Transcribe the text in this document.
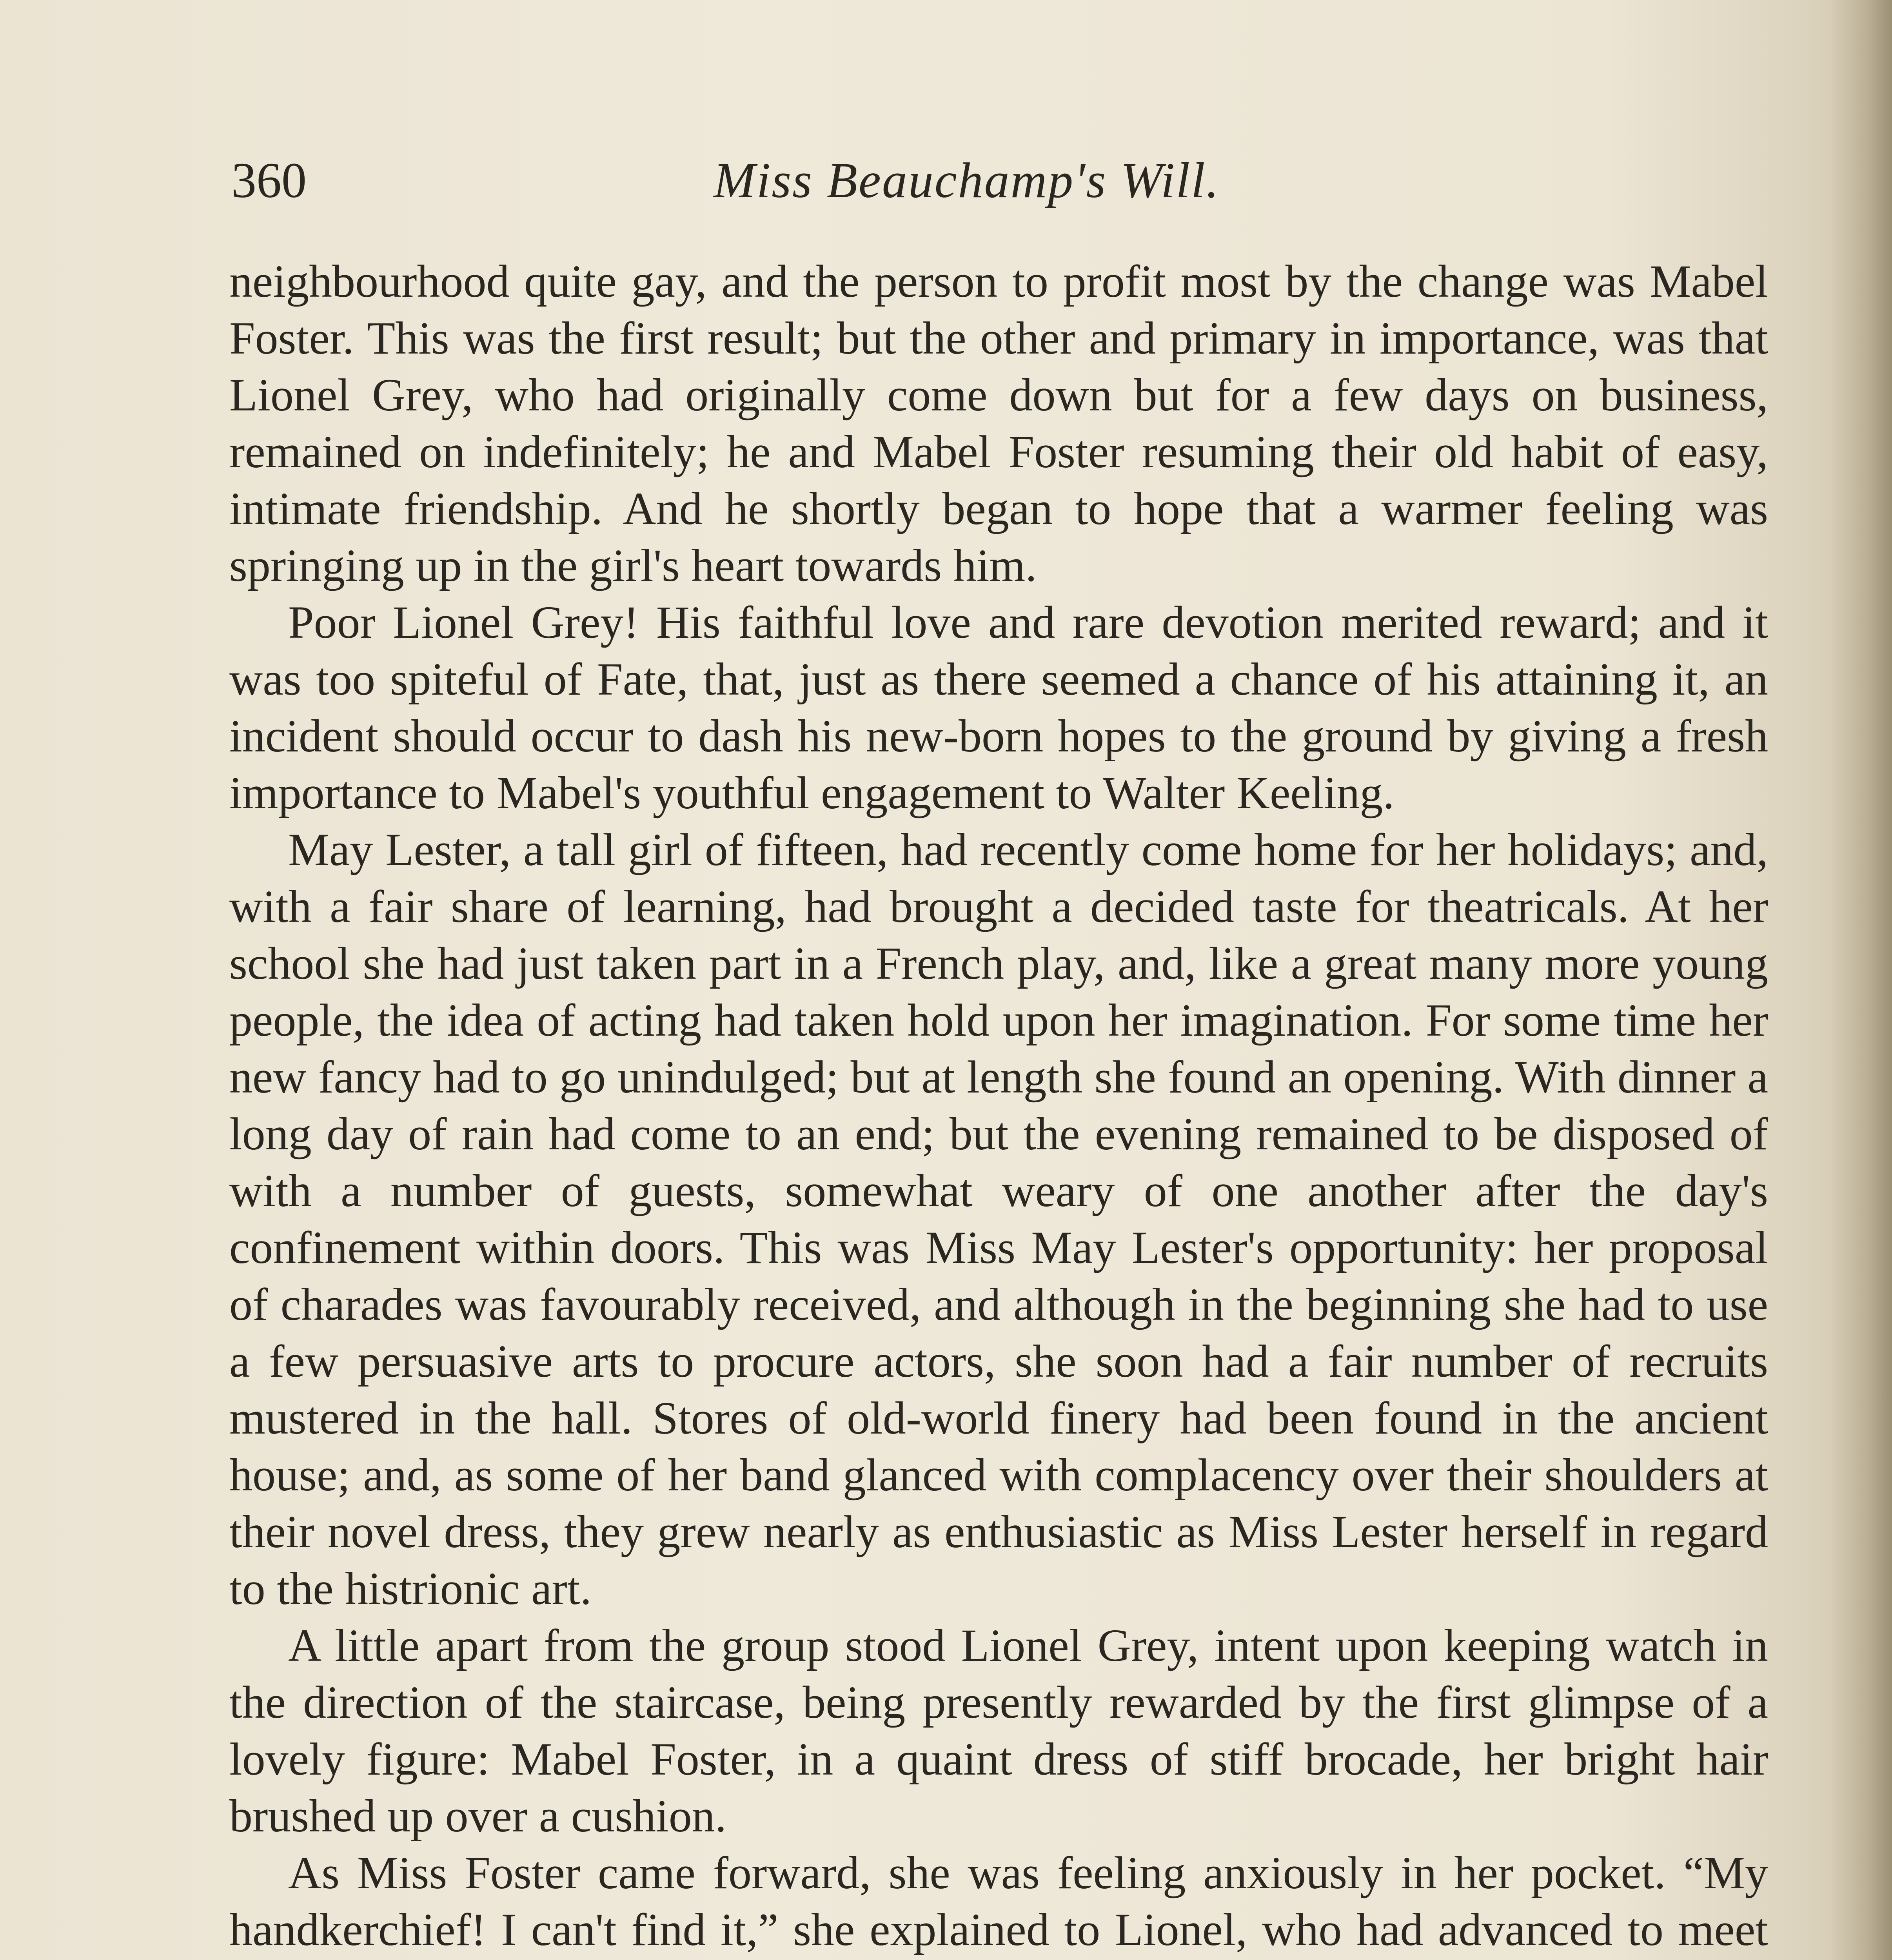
360	Miss Beauchamp's Will.

neighbourhood quite gay, and the person to profit most by the change was Mabel Foster. This was the first result; but the other and primary in importance, was that Lionel Grey, who had originally come down but for a few days on business, remained on indefinitely; he and Mabel Foster resuming their old habit of easy, intimate friendship. And he shortly began to hope that a warmer feeling was springing up in the girl's heart towards him.

Poor Lionel Grey! His faithful love and rare devotion merited reward; and it was too spiteful of Fate, that, just as there seemed a chance of his attaining it, an incident should occur to dash his new-born hopes to the ground by giving a fresh importance to Mabel's youthful engagement to Walter Keeling.

May Lester, a tall girl of fifteen, had recently come home for her holidays; and, with a fair share of learning, had brought a decided taste for theatricals. At her school she had just taken part in a French play, and, like a great many more young people, the idea of acting had taken hold upon her imagination. For some time her new fancy had to go unindulged; but at length she found an opening. With dinner a long day of rain had come to an end; but the evening remained to be disposed of with a number of guests, somewhat weary of one another after the day's confinement within doors. This was Miss May Lester's opportunity: her proposal of charades was favourably received, and although in the beginning she had to use a few persuasive arts to procure actors, she soon had a fair number of recruits mustered in the hall. Stores of old-world finery had been found in the ancient house; and, as some of her band glanced with complacency over their shoulders at their novel dress, they grew nearly as enthusiastic as Miss Lester herself in regard to the histrionic art.

A little apart from the group stood Lionel Grey, intent upon keeping watch in the direction of the staircase, being presently rewarded by the first glimpse of a lovely figure: Mabel Foster, in a quaint dress of stiff brocade, her bright hair brushed up over a cushion.

As Miss Foster came forward, she was feeling anxiously in her pocket. “My handkerchief! I can't find it,” she explained to Lionel, who had advanced to meet
